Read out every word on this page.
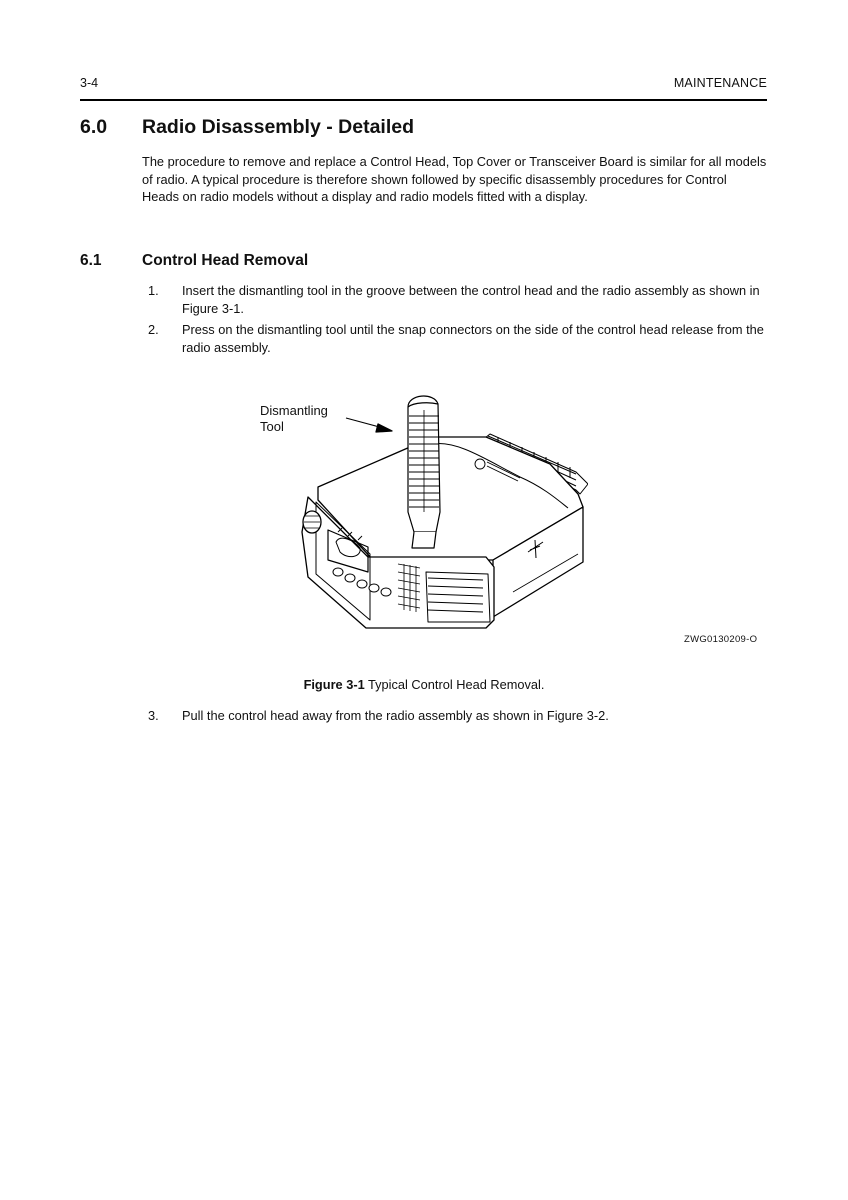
3-4	MAINTENANCE
6.0 Radio Disassembly - Detailed
The procedure to remove and replace a Control Head, Top Cover or Transceiver Board is similar for all models of radio. A typical procedure is therefore shown followed by specific disassembly procedures for Control Heads on radio models without a display and radio models fitted with a display.
6.1	Control Head Removal
1. Insert the dismantling tool in the groove between the control head and the radio assembly as shown in Figure 3-1.
2. Press on the dismantling tool until the snap connectors on the side of the control head release from the radio assembly.
Dismantling
Tool
ZWG0130209-O
Figure 3-1 Typical Control Head Removal.
3. Pull the control head away from the radio assembly as shown in Figure 3-2.
